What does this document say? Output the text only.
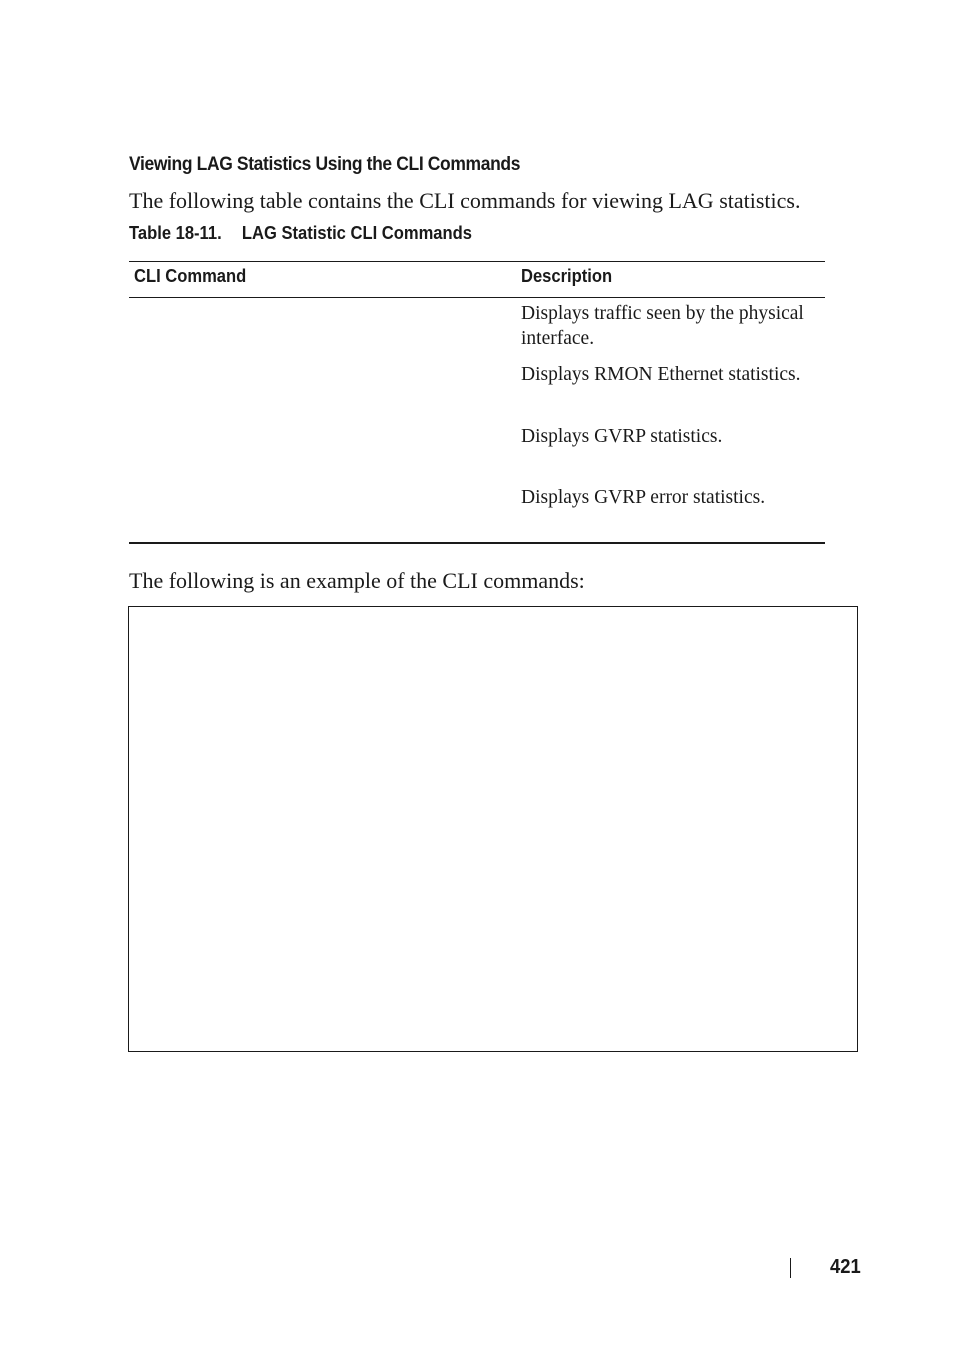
Viewing LAG Statistics Using the CLI Commands
The following table contains the CLI commands for viewing LAG statistics.
Table 18-11. LAG Statistic CLI Commands
CLI Command	Description
Displays traffic seen by the physical interface.
Displays RMON Ethernet statistics.
Displays GVRP statistics.
Displays GVRP error statistics.
The following is an example of the CLI commands:
421
